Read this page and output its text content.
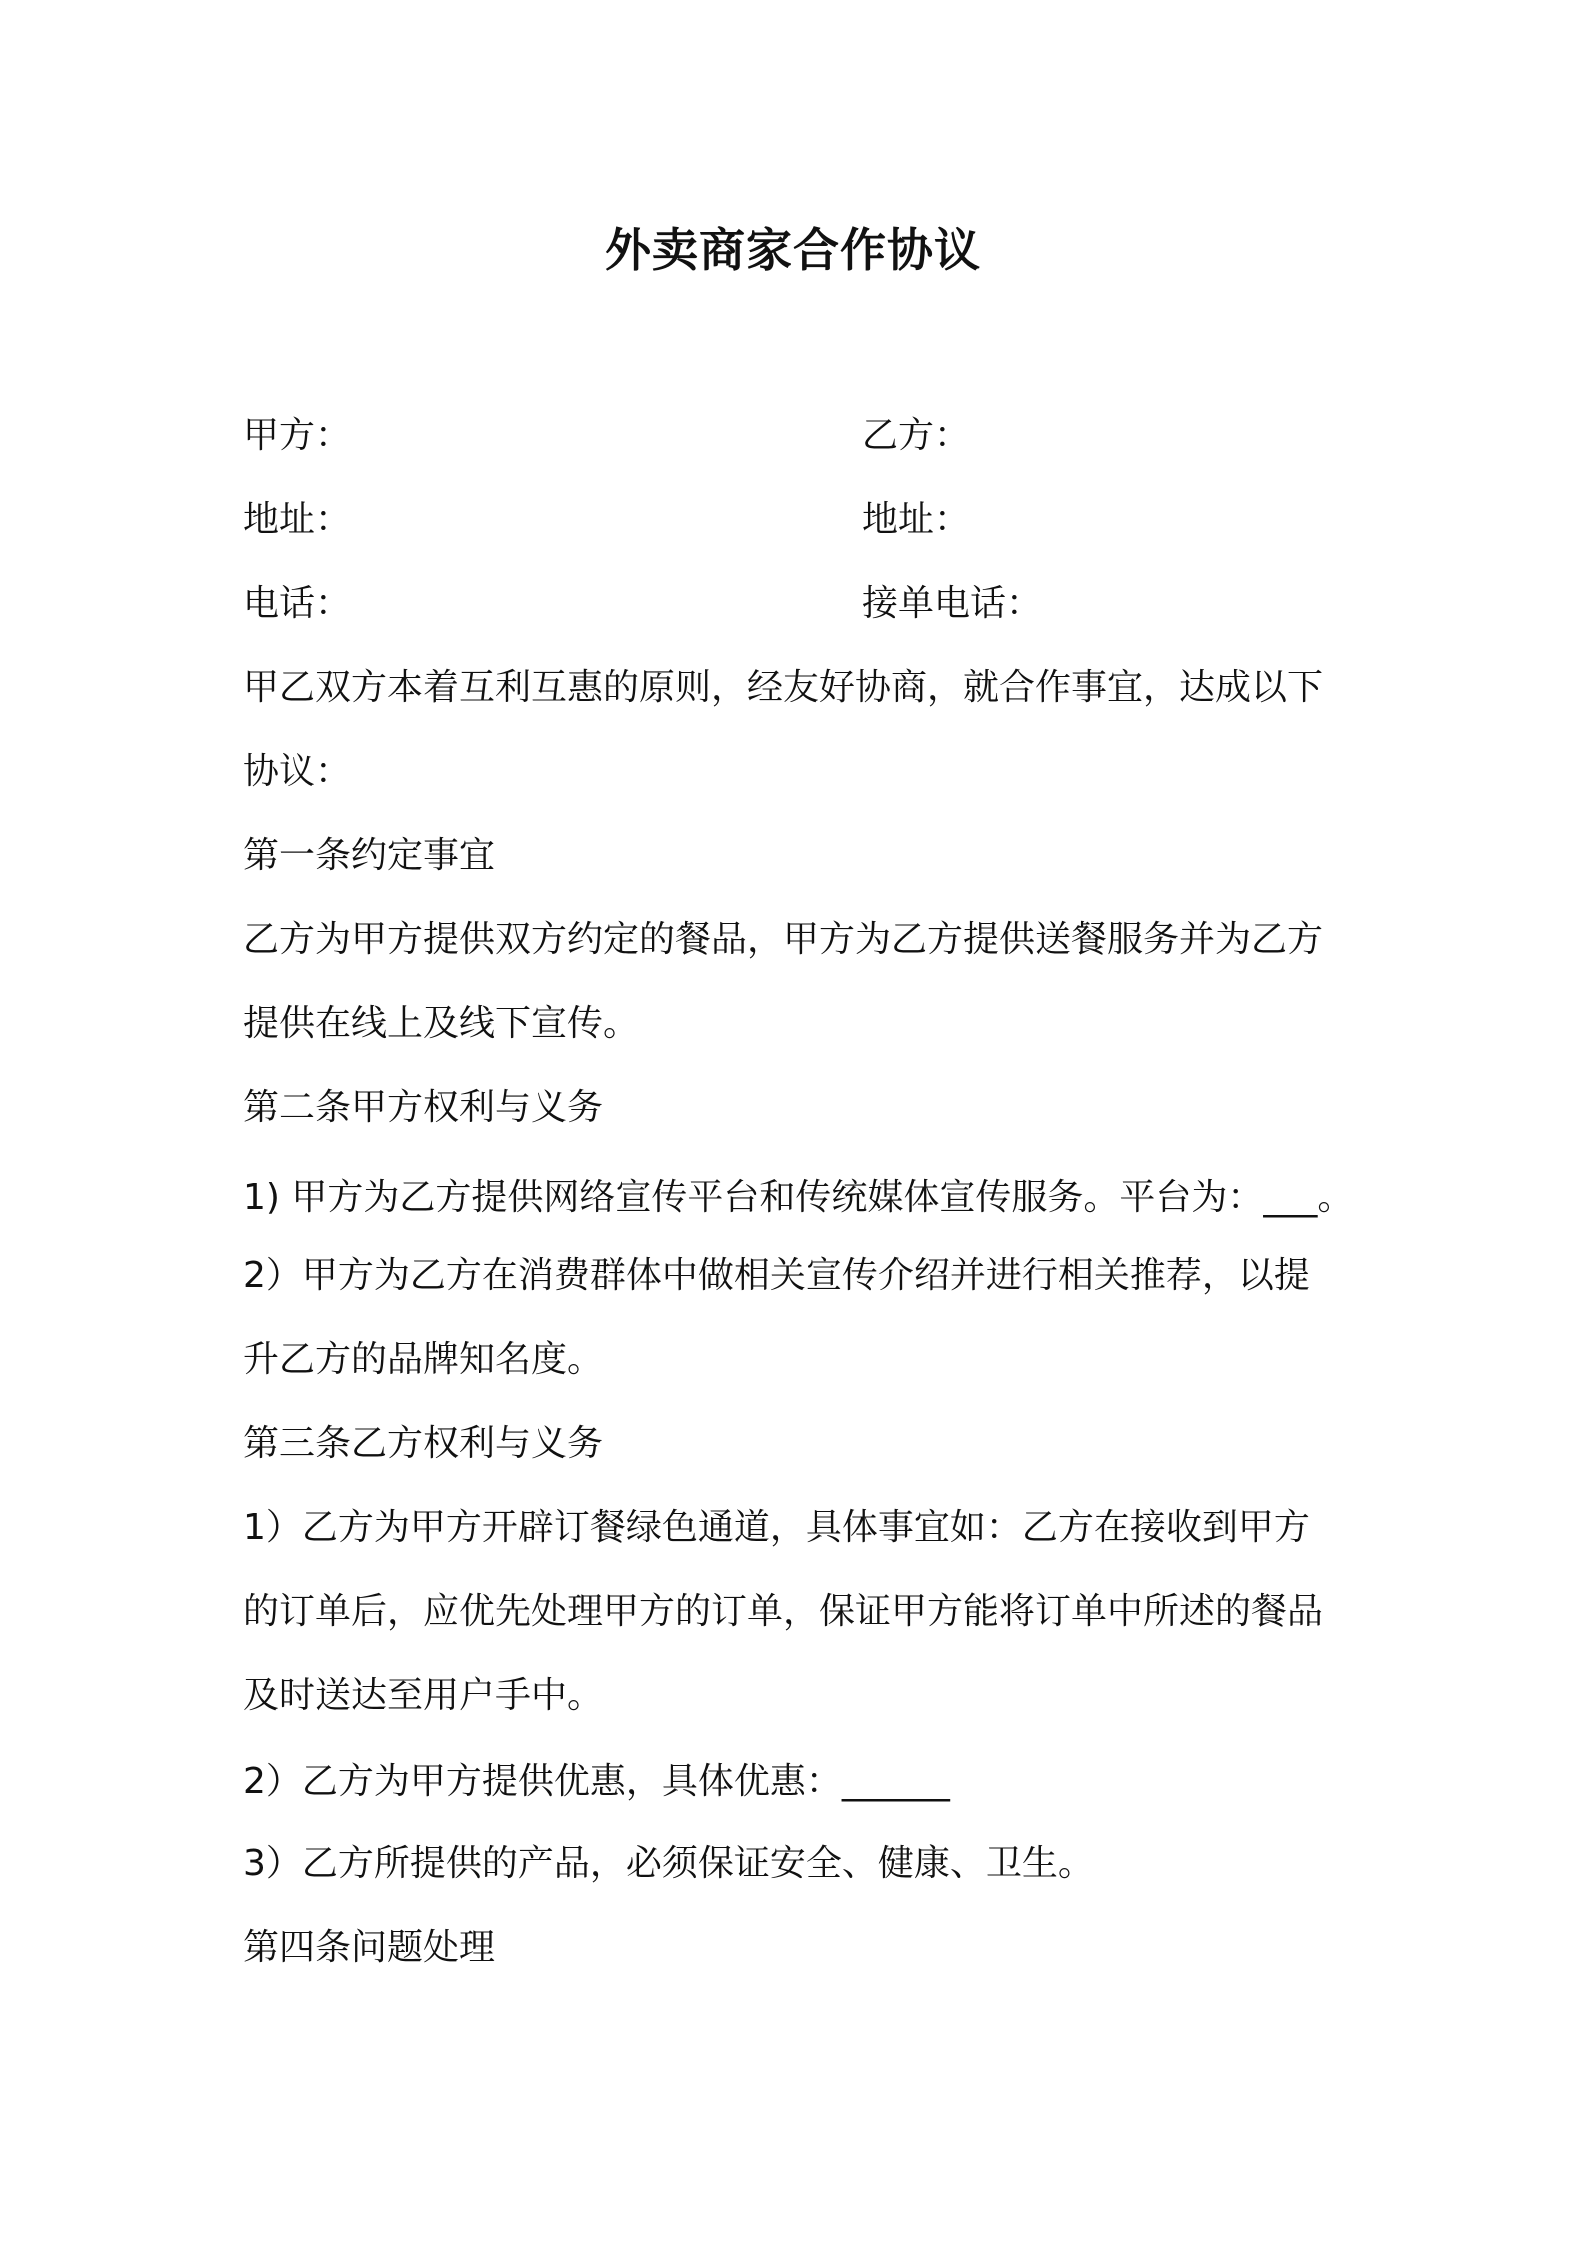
外卖商家合作协议
甲方：	乙方：
地址：	地址：
电话：	接单电话：
甲乙双方本着互利互惠的原则，经友好协商，就合作事宜，达成以下
协议：
第一条约定事宜
乙方为甲方提供双方约定的餐品，甲方为乙方提供送餐服务并为乙方
提供在线上及线下宣传。
第二条甲方权利与义务
1) 甲方为乙方提供网络宣传平台和传统媒体宣传服务。平台为：___。
2）甲方为乙方在消费群体中做相关宣传介绍并进行相关推荐，以提
升乙方的品牌知名度。
第三条乙方权利与义务
1）乙方为甲方开辟订餐绿色通道，具体事宜如：乙方在接收到甲方
的订单后，应优先处理甲方的订单，保证甲方能将订单中所述的餐品
及时送达至用户手中。
2）乙方为甲方提供优惠，具体优惠：______
3）乙方所提供的产品，必须保证安全、健康、卫生。
第四条问题处理
